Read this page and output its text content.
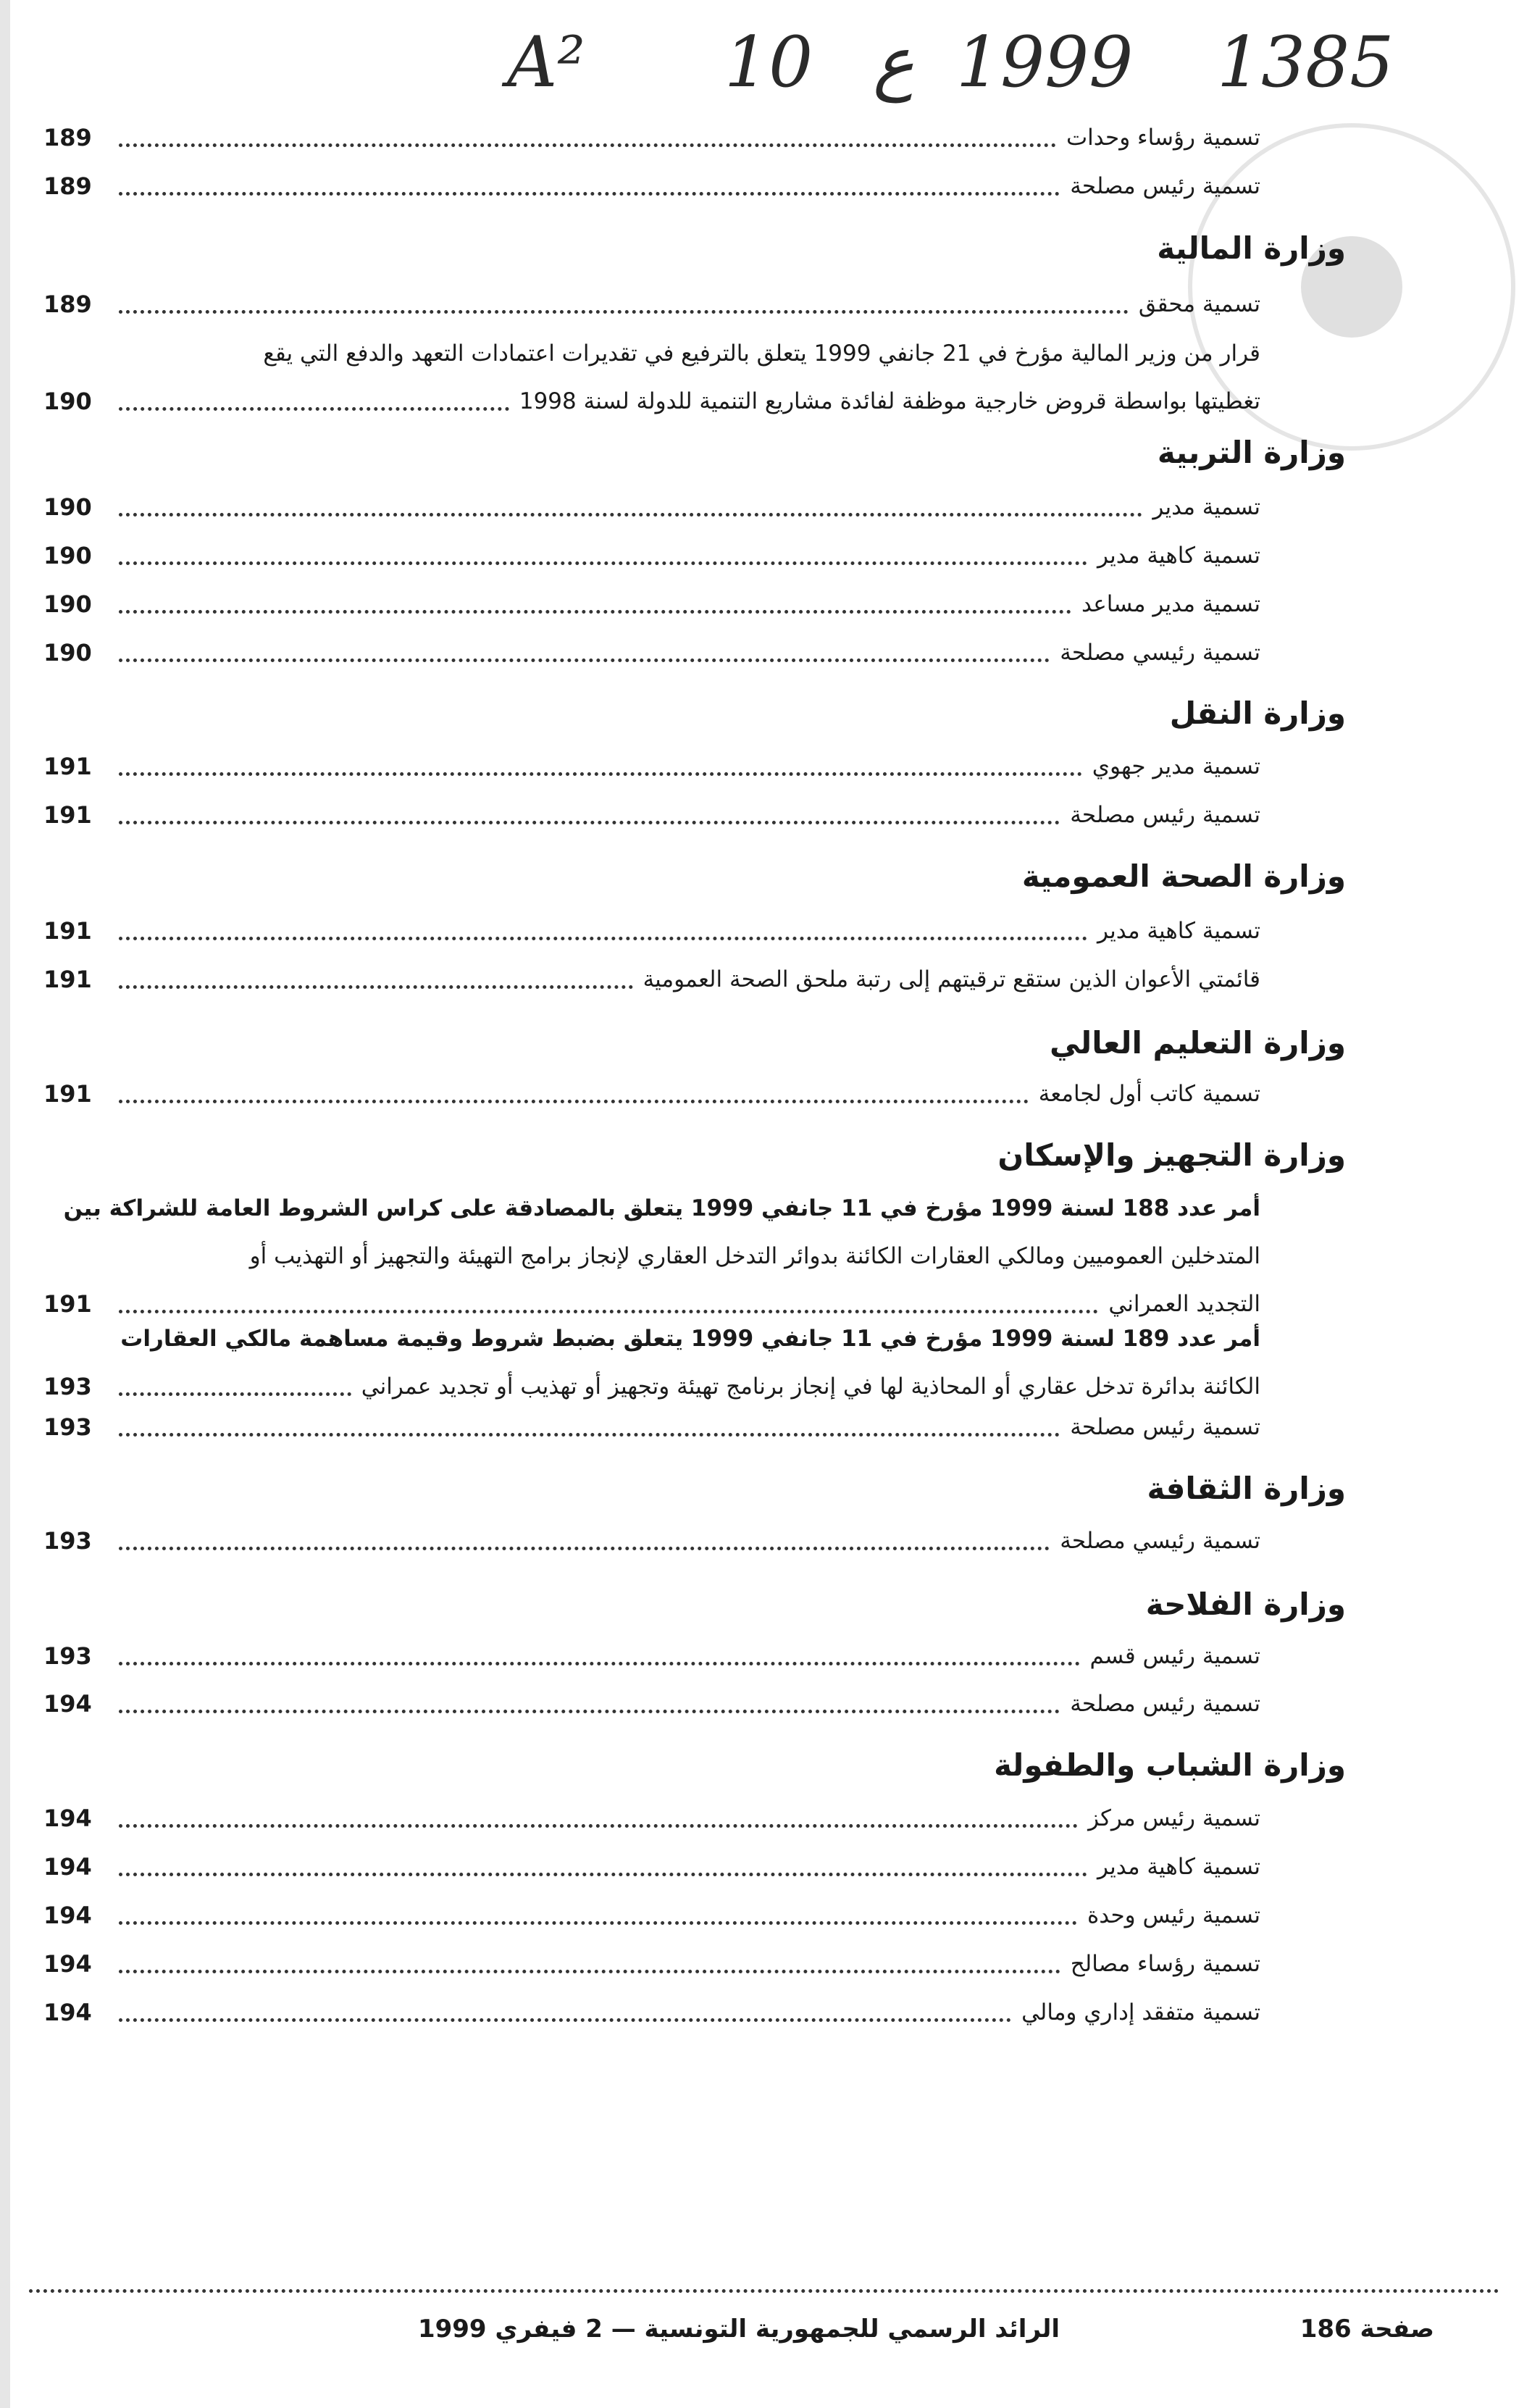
A² 10 ع 1999 1385
تسمية رؤساء وحدات
189
تسمية رئيس مصلحة
189
وزارة المالية
تسمية محقق
189
قرار من وزير المالية مؤرخ في 21 جانفي 1999 يتعلق بالترفيع في تقديرات اعتمادات التعهد والدفع التي يقع
تغطيتها بواسطة قروض خارجية موظفة لفائدة مشاريع التنمية للدولة لسنة 1998
190
وزارة التربية
تسمية مدير
190
تسمية كاهية مدير
190
تسمية مدير مساعد
190
تسمية رئيسي مصلحة
190
وزارة النقل
تسمية مدير جهوي
191
تسمية رئيس مصلحة
191
وزارة الصحة العمومية
تسمية كاهية مدير
191
قائمتي الأعوان الذين ستقع ترقيتهم إلى رتبة ملحق الصحة العمومية
191
وزارة التعليم العالي
تسمية كاتب أول لجامعة
191
وزارة التجهيز والإسكان
أمر عدد 188 لسنة 1999 مؤرخ في 11 جانفي 1999 يتعلق بالمصادقة على كراس الشروط العامة للشراكة بين
المتدخلين العموميين ومالكي العقارات الكائنة بدوائر التدخل العقاري لإنجاز برامج التهيئة والتجهيز أو التهذيب أو
التجديد العمراني
191
أمر عدد 189 لسنة 1999 مؤرخ في 11 جانفي 1999 يتعلق بضبط شروط وقيمة مساهمة مالكي العقارات
الكائنة بدائرة تدخل عقاري أو المحاذية لها في إنجاز برنامج تهيئة وتجهيز أو تهذيب أو تجديد عمراني
193
تسمية رئيس مصلحة
193
وزارة الثقافة
تسمية رئيسي مصلحة
193
وزارة الفلاحة
تسمية رئيس قسم
193
تسمية رئيس مصلحة
194
وزارة الشباب والطفولة
تسمية رئيس مركز
194
تسمية كاهية مدير
194
تسمية رئيس وحدة
194
تسمية رؤساء مصالح
194
تسمية متفقد إداري ومالي
194
صفحة 186
الرائد الرسمي للجمهورية التونسية — 2 فيفري 1999
